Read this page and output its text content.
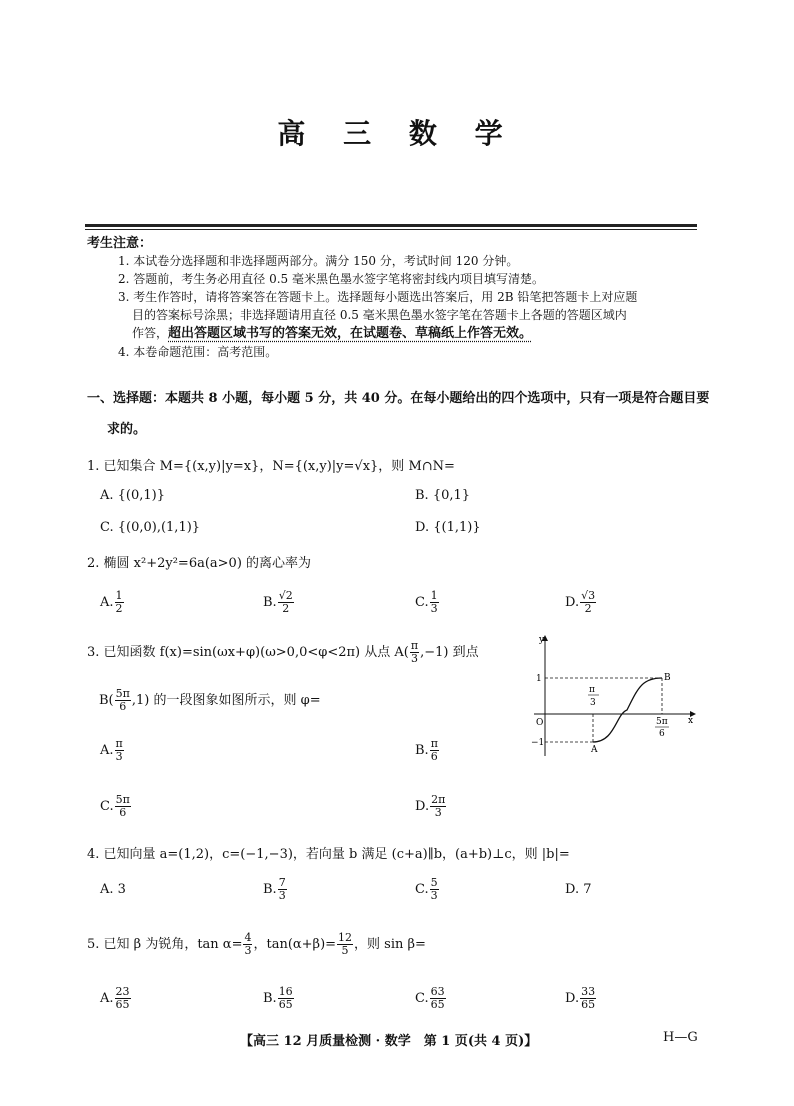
高 三 数 学
考生注意：
1. 本试卷分选择题和非选择题两部分。满分 150 分，考试时间 120 分钟。
2. 答题前，考生务必用直径 0.5 毫米黑色墨水签字笔将密封线内项目填写清楚。
3. 考生作答时，请将答案答在答题卡上。选择题每小题选出答案后，用 2B 铅笔把答题卡上对应题
目的答案标号涂黑；非选择题请用直径 0.5 毫米黑色墨水签字笔在答题卡上各题的答题区域内
作答，超出答题区域书写的答案无效，在试题卷、草稿纸上作答无效。
4. 本卷命题范围：高考范围。
一、选择题：本题共 8 小题，每小题 5 分，共 40 分。在每小题给出的四个选项中，只有一项是符合题目要
求的。
1. 已知集合 M={(x,y)|y=x}，N={(x,y)|y=√x}，则 M∩N=
A. {(0,1)}	B. {0,1}
C. {(0,0),(1,1)}	D. {(1,1)}
2. 椭圆 x²+2y²=6a(a>0) 的离心率为
A. $\frac{1}{2}$	B. $\frac{√2}{2}$	C. $\frac{1}{3}$	D. $\frac{√3}{2}$
3. 已知函数 f(x)=sin(ωx+φ)(ω>0,0<φ<2π) 从点 $A( \frac{\pi}{3} ,-1)$ 到点
$B( \frac{5\pi}{6} ,1)$ 的一段图象如图所示，则 φ=
A. $\frac{\pi}{3}$	B. $\frac{\pi}{6}$
C. $\frac{5\pi}{6}$	D. $\frac{2\pi}{3}$
y
x
O
1
−1
π
3
5π
6
A
B
4. 已知向量 a=(1,2)，c=(−1,−3)，若向量 b 满足 (c+a)∥b，(a+b)⊥c，则 |b|=
A. 3	B. $\frac{7}{3}$	C. $\frac{5}{3}$	D. 7
5. 已知 β 为锐角，$\tan \alpha= \frac{4}{3}$ ，$\tan(\alpha+\beta)= \frac{12}{5}$ ，则 sin β=
A. $\frac{23}{65}$	B. $\frac{16}{65}$	C. $\frac{63}{65}$	D. $\frac{33}{65}$
【高三 12 月质量检测 · 数学　第 1 页(共 4 页)】	H—G
